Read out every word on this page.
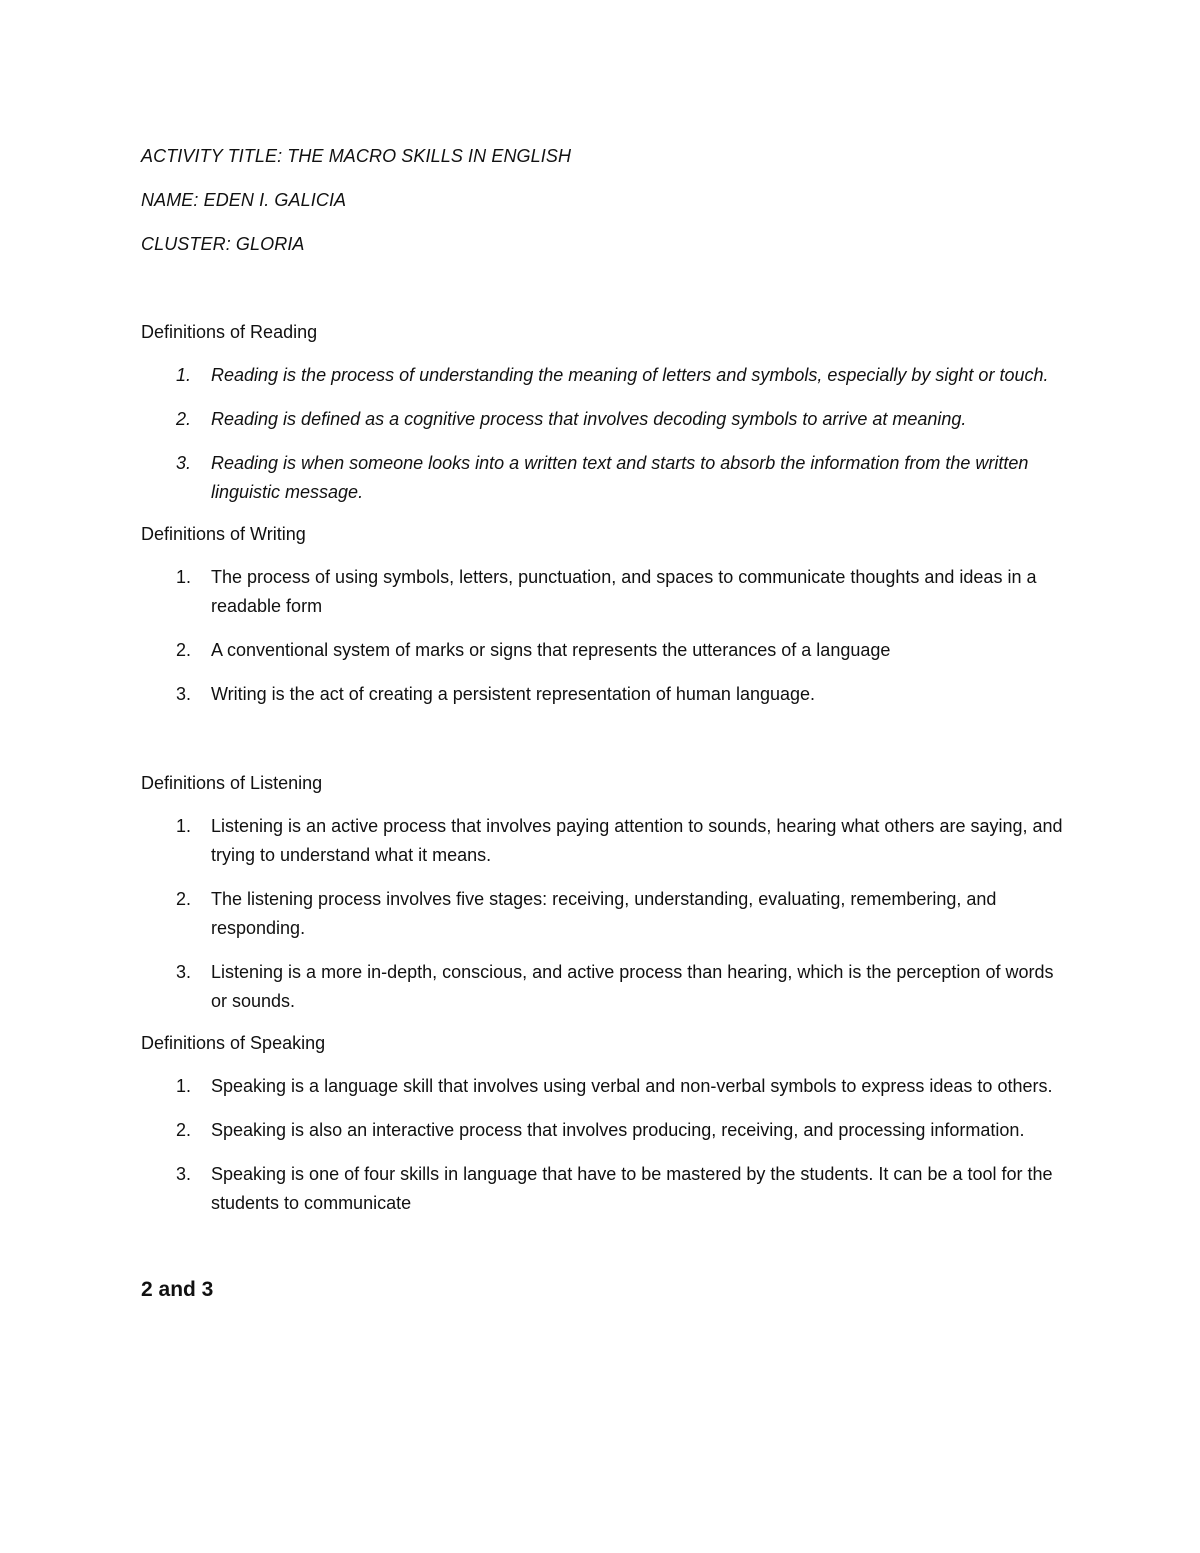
ACTIVITY TITLE: THE MACRO SKILLS IN ENGLISH

NAME: EDEN I. GALICIA

CLUSTER: GLORIA

Definitions of Reading

1. Reading is the process of understanding the meaning of letters and symbols, especially by sight or touch.
2. Reading is defined as a cognitive process that involves decoding symbols to arrive at meaning.
3. Reading is when someone looks into a written text and starts to absorb the information from the written linguistic message.

Definitions of Writing

1. The process of using symbols, letters, punctuation, and spaces to communicate thoughts and ideas in a readable form
2. A conventional system of marks or signs that represents the utterances of a language
3. Writing is the act of creating a persistent representation of human language.

Definitions of Listening

1. Listening is an active process that involves paying attention to sounds, hearing what others are saying, and trying to understand what it means.
2. The listening process involves five stages: receiving, understanding, evaluating, remembering, and responding.
3. Listening is a more in-depth, conscious, and active process than hearing, which is the perception of words or sounds.

Definitions of Speaking

1. Speaking is a language skill that involves using verbal and non-verbal symbols to express ideas to others.
2. Speaking is also an interactive process that involves producing, receiving, and processing information.
3. Speaking is one of four skills in language that have to be mastered by the students. It can be a tool for the students to communicate

2 and 3
